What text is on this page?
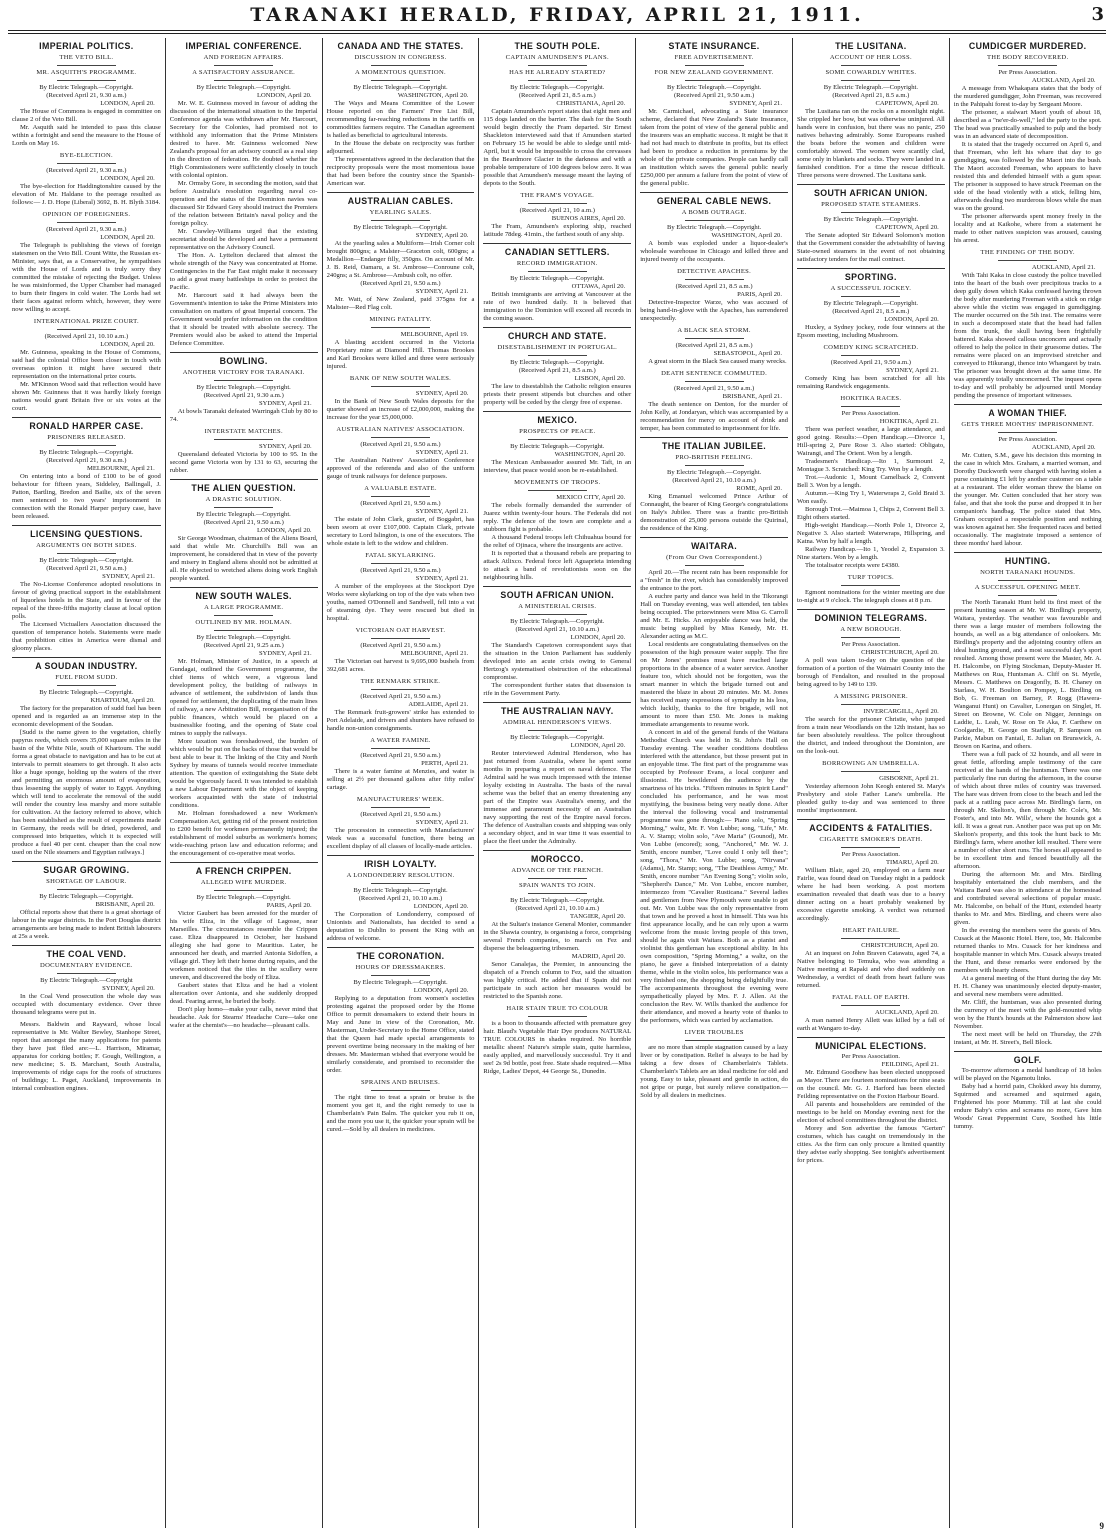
TARANAKI HERALD, FRIDAY, APRIL 21, 1911.	3
IMPERIAL POLITICS.
THE VETO BILL.
MR. ASQUITH'S PROGRAMME.
By Electric Telegraph.—Copyright.
(Received April 21, 9.30 a.m.)
LONDON, April 20.
The House of Commons is engaged in committee on clause 2 of the Veto Bill.
Mr. Asquith said he intended to pass this clause within a fortnight and send the measure to the House of Lords on May 16.
BYE-ELECTION.
(Received April 21, 9.30 a.m.)
LONDON, April 20.
The bye-election for Haddingtonshire caused by the elevation of Mr. Haldane to the peerage resulted as follows:— J. D. Hope (Liberal) 3692, B. H. Blyth 3184.
OPINION OF FOREIGNERS.
(Received April 21, 9.30 a.m.)
LONDON, April 20.
The Telegraph is publishing the views of foreign statesmen on the Veto Bill. Count Witte, the Russian ex-Minister, says that, as a Conservative, he sympathises with the House of Lords and is truly sorry they committed the mistake of rejecting the Budget. Unless he was misinformed, the Upper Chamber had managed to burn their fingers in cold water. The Lords had set their faces against reform which, however, they were now willing to accept.
INTERNATIONAL PRIZE COURT.
(Received April 21, 10.10 a.m.)
LONDON, April 20.
Mr. Guinness, speaking in the House of Commons, said had the colonial Office been closer in touch with overseas opinion it might have secured their representation on the international prize courts.
Mr. M'Kinnon Wood said that reflection would have shown Mr. Guinness that it was hardly likely foreign nations would grant Britain five or six votes at the court.
RONALD HARPER CASE.
PRISONERS RELEASED.
By Electric Telegraph.—Copyright.
(Received April 21, 9.30 a.m.)
MELBOURNE, April 21.
On entering into a bond of £100 to be of good behaviour for fifteen years, Siddeley, Ballingall, J. Patton, Bartling, Bredon and Bailie, six of the seven men sentenced to two years' imprisonment in connection with the Ronald Harper perjury case, have been released.
LICENSING QUESTIONS.
ARGUMENTS ON BOTH SIDES.
By Electric Telegraph.—Copyright.
(Received April 21, 9.50 a.m.)
SYDNEY, April 21.
The No-License Conference adopted resolutions in favour of giving practical support in the establishment of liquorless hotels in the State, and in favour of the repeal of the three-fifths majority clause at local option polls.
The Licensed Victuallers Association discussed the question of temperance hotels. Statements were made that prohibition cities in America were dismal and gloomy places.
A SOUDAN INDUSTRY.
FUEL FROM SUDD.
By Electric Telegraph.—Copyright.
KHARTOUM, April 20.
The factory for the preparation of sudd fuel has been opened and is regarded as an immense step in the economic development of the Soudan.
[Sudd is the name given to the vegetation, chiefly papyrus reeds, which covers 35,000 square miles in the basin of the White Nile, south of Khartoum. The sudd forms a great obstacle to navigation and has to be cut at intervals to permit steamers to get through. It also acts like a huge sponge, holding up the waters of the river and permitting an enormous amount of evaporation, thus lessening the supply of water to Egypt. Anything which will tend to accelerate the removal of the sudd will render the country less marshy and more suitable for cultivation. At the factory referred to above, which has been established as the result of experiments made in Germany, the reeds will be dried, powdered, and compressed into briquettes, which it is expected will produce a fuel 40 per cent. cheaper than the coal now used on the Nile steamers and Egyptian railways.]
SUGAR GROWING.
SHORTAGE OF LABOUR.
By Electric Telegraph.—Copyright.
BRISBANE, April 20.
Official reports show that there is a great shortage of labour in the sugar districts. In the Port Douglas district arrangements are being made to indent British labourers at 25s a week.
THE COAL VEND.
DOCUMENTARY EVIDENCE.
By Electric Telegraph.—Copyright
SYDNEY, April 20.
In the Coal Vend prosecution the whole day was occupied with documentary evidence. Over three thousand telegrams were put in.
Messrs. Baldwin and Rayward, whose local representative is Mr. Walter Bewley, Stanhope Street, report that amongst the many applications for patents they have just filed are:—L. Harrison, Miramar, apparatus for corking bottles; F. Gough, Wellington, a new medicine; S. B. Marchant, South Australia, improvements of ridge caps for the roofs of structures of buildings; L. Paget, Auckland, improvements in internal combustion engines.
IMPERIAL CONFERENCE.
AND FOREIGN AFFAIRS.
A SATISFACTORY ASSURANCE.
By Electric Telegraph.—Copyright.
LONDON, April 20.
Mr. W. E. Guinness moved in favour of adding the discussion of the international situation to the Imperial Conference agenda was withdrawn after Mr. Harcourt, Secretary for the Colonies, had promised not to withhold any information that the Prime Ministers desired to have. Mr. Guinness welcomed New Zealand's proposal for an advisory council as a real step in the direction of federation. He doubted whether the High Commissioners were sufficiently closely in touch with colonial opinion.
Mr. Ormsby Gore, in seconding the motion, said that before Australia's resolution regarding naval co-operation and the status of the Dominion navies was discussed Sir Edward Grey should instruct the Premiers of the relation between Britain's naval policy and the foreign policy.
Mr. Crawley-Williams urged that the existing secretariat should be developed and have a permanent representative on the Advisory Council.
The Hon. A. Lyttelton declared that almost the whole strength of the Navy was concentrated at Home. Contingencies in the Far East might make it necessary to add a great many battleships in order to protect the Pacific.
Mr. Harcourt said it had always been the Government's intention to take the Prime Ministers into consultation on matters of great Imperial concern. The Government would prefer information on the condition that it should be treated with absolute secrecy. The Premiers would also be asked to attend the Imperial Defence Committee.
BOWLING.
ANOTHER VICTORY FOR TARANAKI.
By Electric Telegraph.—Copyright.
(Received April 21, 9.30 a.m.)
SYDNEY, April 21.
At bowls Taranaki defeated Warringah Club by 80 to 74.
INTERSTATE MATCHES.
SYDNEY, April 20.
Queensland defeated Victoria by 100 to 95. In the second game Victoria won by 131 to 63, securing the rubber.
THE ALIEN QUESTION.
A DRASTIC SOLUTION.
By Electric Telegraph.—Copyright.
(Received April 21, 9.50 a.m.)
LONDON, April 20.
Sir George Woodman, chairman of the Aliens Board, said that while Mr. Churchill's Bill was an improvement, he considered that in view of the poverty and misery in England aliens should not be admitted at all. He objected to wretched aliens doing work English people wanted.
NEW SOUTH WALES.
A LARGE PROGRAMME.
OUTLINED BY MR. HOLMAN.
By Electric Telegraph.—Copyright.
(Received April 21, 9.25 a.m.)
SYDNEY, April 21.
Mr. Holman, Minister of Justice, in a speech at Gundagai, outlined the Government programme, the chief items of which were, a vigorous land development policy, the building of railways in advance of settlement, the subdivision of lands thus opened for settlement, the duplicating of the main lines of railway, a new Arbitration Bill, reorganisation of the public finances, which would be placed on a businesslike footing, and the opening of State coal mines to supply the railways.
More taxation was foreshadowed, the burden of which would be put on the backs of those that would be best able to bear it. The linking of the City and North Sydney by means of tunnels would receive immediate attention. The question of extinguishing the State debt would be vigorously faced. It was intended to establish a new Labour Department with the object of keeping workers acquainted with the state of industrial conditions.
Mr. Holman foreshadowed a new Workmen's Compensation Act, getting rid of the present restriction to £200 benefit for workmen permanently injured; the establishment of model suburbs as workmen's homes; wide-reaching prison law and education reforms; and the encouragement of co-operative meat works.
A FRENCH CRIPPEN.
ALLEGED WIFE MURDER.
By Electric Telegraph.—Copyright.
PARIS, April 20.
Victor Gaubert has been arrested for the murder of his wife Eliza, in the village of Lagosse, near Marseilles. The circumstances resemble the Crippen case. Eliza disappeared in October, her husband alleging she had gone to Mauritius. Later, he announced her death, and married Antonia Sidoffen, a village girl. They left their home during repairs, and the workmen noticed that the tiles in the scullery were uneven, and discovered the body of Eliza.
Gaubert states that Eliza and he had a violent altercation over Antonia, and she suddenly dropped dead. Fearing arrest, he buried the body.
Don't play homo—make your calls, never mind that headache. Ask for Stearns' Headache Cure—take one wafer at the chemist's—no headache—pleasant calls.
CANADA AND THE STATES.
DISCUSSION IN CONGRESS.
A MOMENTOUS QUESTION.
By Electric Telegraph.—Copyright.
WASHINGTON, April 20.
The Ways and Means Committee of the Lower House reported on the Farmers' Free List Bill, recommending far-reaching reductions in the tariffs on commodities farmers require. The Canadian agreement is hailed as beneficial to agricultural interests.
In the House the debate on reciprocity was further adjourned.
The representatives agreed in the declaration that the reciprocity proposals were the most momentous issue that had been before the country since the Spanish-American war.
AUSTRALIAN CABLES.
YEARLING SALES.
By Electric Telegraph.—Copyright.
SYDNEY, April 20.
At the yearling sales a Multiform—Irish Corner colt brought 800gns; a Malster—Graceton colt, 600gns; a Medallion—Endanger filly, 350gns. On account of Mr. J. B. Reid, Oamaru, a St. Ambrose—Conroune colt, 240gns; a St. Ambrose—Ambush colt, no offer.
(Received April 21, 9.50 a.m.)
SYDNEY, April 21.
Mr. Watt, of New Zealand, paid 375gns for a Maltster—Red Flag colt.
MINING FATALITY.
MELBOURNE, April 19.
A blasting accident occurred in the Victoria Proprietary mine at Diamond Hill. Thomas Brookes and Karl Brookes were killed and three were seriously injured.
BANK OF NEW SOUTH WALES.
SYDNEY, April 20.
In the Bank of New South Wales deposits for the quarter showed an increase of £2,000,000, making the increase for the year £5,000,000.
AUSTRALIAN NATIVES' ASSOCIATION.
(Received April 21, 9.50 a.m.)
SYDNEY, April 21.
The Australian Natives' Association Conference approved of the referenda and also of the uniform gauge of trunk railways for defence purposes.
A VALUABLE ESTATE.
(Received April 21, 9.50 a.m.)
SYDNEY, April 21.
The estate of John Clark, grazier, of Boggabri, has been sworn at over £107,000. Captain Clark, private secretary to Lord Islington, is one of the executors. The whole estate is left to the widow and children.
FATAL SKYLARKING.
(Received April 21, 9.50 a.m.)
SYDNEY, April 21.
A number of the employees at the Stockport Dye Works were skylarking on top of the dye vats when two youths, named O'Donnell and Sandwell, fell into a vat of steaming dye. They were rescued but died in hospital.
VICTORIAN OAT HARVEST.
(Received April 21, 9.50 a.m.)
MELBOURNE, April 21.
The Victorian oat harvest is 9,695,000 bushels from 392,681 acres.
THE RENMARK STRIKE.
(Received April 21, 9.50 a.m.)
ADELAIDE, April 21.
The Renmark fruit-growers' strike has extended to Port Adelaide, and drivers and shunters have refused to handle non-union consignments.
A WATER FAMINE.
(Received April 21, 9.50 a.m.)
PERTH, April 21.
There is a water famine at Menzies, and water is selling at 2½ per thousand gallons after fifty miles' cartage.
MANUFACTURERS' WEEK.
(Received April 21, 9.50 a.m.)
SYDNEY, April 21.
The procession in connection with Manufacturers' Week was a successful function, there being an excellent display of all classes of locally-made articles.
IRISH LOYALTY.
A LONDONDERRY RESOLUTION.
By Electric Telegraph.—Copyright.
(Received April 21, 10.10 a.m.)
LONDON, April 20.
The Corporation of Londonderry, composed of Unionists and Nationalists, has decided to send a deputation to Dublin to present the King with an address of welcome.
THE CORONATION.
HOURS OF DRESSMAKERS.
By Electric Telegraph.—Copyright.
LONDON, April 20.
Replying to a deputation from women's societies protesting against the proposed order by the Home Office to permit dressmakers to extend their hours in May and June in view of the Coronation, Mr. Masterman, Under-Secretary to the Home Office, stated that the Queen had made special arrangements to prevent overtime being necessary in the making of her dresses. Mr. Masterman wished that everyone would be similarly considerate, and promised to reconsider the order.
SPRAINS AND BRUISES.
The right time to treat a sprain or bruise is the moment you get it, and the right remedy to use is Chamberlain's Pain Balm. The quicker you rub it on, and the more you use it, the quicker your sprain will be cured.—Sold by all dealers in medicines.
THE SOUTH POLE.
CAPTAIN AMUNDSEN'S PLANS.
HAS HE ALREADY STARTED?
By Electric Telegraph.—Copyright.
(Received April 21, 8.5 a.m.)
CHRISTIANIA, April 20.
Captain Amundsen's report states that eight men and 115 dogs landed on the barrier. The dash for the South would begin directly the Fram departed. Sir Ernest Shackleton interviewed said that if Amundsen started on February 15 he would be able to sledge until mid-April, but it would be impossible to cross the crevasses in the Beardmore Glacier in the darkness and with a probable temperature of 100 degrees below zero. It was possible that Amundsen's message meant the laying of depots to the South.
THE FRAM'S VOYAGE.
(Received April 21, 10 a.m.)
BUENOS AIRES, April 20.
The Fram, Amundsen's exploring ship, reached latitude 78deg. 41min., the farthest south of any ship.
CANADIAN SETTLERS.
RECORD IMMIGRATION.
By Electric Telegraph.—Copyright.
OTTAWA, April 20.
British immigrants are arriving at Vancouver at the rate of two hundred daily. It is believed that immigration to the Dominion will exceed all records in the coming season.
CHURCH AND STATE.
DISESTABLISHMENT IN PORTUGAL.
By Electric Telegraph.—Copyright.
(Received April 21, 8.5 a.m.)
LISBON, April 20.
The law to disestablish the Catholic religion ensures priests their present stipends but churches and other property will be ceded by the clergy free of expense.
MEXICO.
PROSPECTS OF PEACE.
By Electric Telegraph.—Copyright.
WASHINGTON, April 20.
The Mexican Ambassador assured Mr. Taft, in an interview, that peace would soon be re-established.
MOVEMENTS OF TROOPS.
MEXICO CITY, April 20.
The rebels formally demanded the surrender of Juarez within twenty-four hours. The Federals did not reply. The defence of the town are complete and a stubborn fight is probable.
A thousand Federal troops left Chihuahua bound for the relief of Ojinaca, where the insurgents are active.
It is reported that a thousand rebels are preparing to attack Atlixco. Federal force left Aguaprieta intending to attack a band of revolutionists soon on the neighbouring hills.
SOUTH AFRICAN UNION.
A MINISTERIAL CRISIS.
By Electric Telegraph.—Copyright.
(Received April 21, 10.10 a.m.)
LONDON, April 20.
The Standard's Capetown correspondent says that the situation in the Union Parliament has suddenly developed into an acute crisis owing to General Hertzog's systematised obstruction of the educational compromise.
The correspondent further states that dissension is rife in the Government Party.
THE AUSTRALIAN NAVY.
ADMIRAL HENDERSON'S VIEWS.
By Electric Telegraph.—Copyright.
LONDON, April 20.
Reuter interviewed Admiral Henderson, who has just returned from Australia, where he spent some months in preparing a report on naval defence. The Admiral said he was much impressed with the intense loyalty existing in Australia. The basis of the naval scheme was the belief that an enemy threatening any part of the Empire was Australia's enemy, and the immense and paramount necessity of an Australian navy supporting the rest of the Empire naval forces. The defence of Australian coasts and shipping was only a secondary object, and in war time it was essential to place the fleet under the Admiralty.
MOROCCO.
ADVANCE OF THE FRENCH.
SPAIN WANTS TO JOIN.
By Electric Telegraph.—Copyright.
(Received April 21, 10.10 a.m.)
TANGIER, April 20.
At the Sultan's instance General Monier, commander in the Shawia country, is organising a force, comprising several French companies, to march on Fez and disperse the beleaguering tribesmen.
MADRID, April 20.
Senor Canalejas, the Premier, in announcing the dispatch of a French column to Fez, said the situation was highly critical. He added that if Spain did not participate in such action her measures would be restricted to the Spanish zone.
HAIR STAIN TRUE TO COLOUR
is a boon to thousands affected with premature grey hair. Blaud's Vegetable Hair Dye produces NATURAL TRUE COLOURS in shades required. No horrible metallic sheen! Nature's simple stain, quite harmless, easily applied, and marvellously successful. Try it and see! 2s 9d bottle, post free. State shade required.—Miss Ridge, Ladies' Depot, 44 George St., Dunedin.
STATE INSURANCE.
FREE ADVERTISEMENT.
FOR NEW ZEALAND GOVERNMENT.
By Electric Telegraph.—Copyright.
(Received April 21, 9.50 a.m.)
SYDNEY, April 21.
Mr. Carmichael, advocating a State insurance scheme, declared that New Zealand's State Insurance, taken from the point of view of the general public and the insurers was an emphatic success. It might be that it had not had much to distribute in profits, but its effect had been to produce a reduction in premiums by the whole of the private companies. People can hardly call an institution which saves the general public nearly £250,000 per annum a failure from the point of view of the general public.
GENERAL CABLE NEWS.
A BOMB OUTRAGE.
By Electric Telegraph.—Copyright.
WASHINGTON, April 20.
A bomb was exploded under a liquor-dealer's wholesale warehouse in Chicago and killed three and injured twenty of the occupants.
DETECTIVE APACHES.
(Received April 21, 8.5 a.m.)
PARIS, April 20.
Detective-Inspector Warze, who was accused of being hand-in-glove with the Apaches, has surrendered unexpectedly.
A BLACK SEA STORM.
(Received April 21, 8.5 a.m.)
SEBASTOPOL, April 20.
A great storm in the Black Sea caused many wrecks.
DEATH SENTENCE COMMUTED.
(Received April 21, 9.50 a.m.)
BRISBANE, April 21.
The death sentence on Denton, for the murder of John Kelly, at Jondaryan, which was accompanied by a recommendation for mercy on account of drink and temper, has been commuted to imprisonment for life.
THE ITALIAN JUBILEE.
PRO-BRITISH FEELING.
By Electric Telegraph.—Copyright.
(Received April 21, 10.10 a.m.)
ROME, April 20.
King Emanuel welcomed Prince Arthur of Connaught, the bearer of King George's congratulations on Italy's Jubilee. There was a frantic pro-British demonstration of 25,000 persons outside the Quirinal, the residence of the King.
WAITARA.
(From Our Own Correspondent.)
April 20.—The recent rain has been responsible for a "fresh" in the river, which has considerably improved the entrance to the port.
A euchre party and dance was held in the Tikorangi Hall on Tuesday evening, was well attended, ten tables being occupied. The prizewinners were Miss G. Carroll and Mr. E. Hicks. An enjoyable dance was held, the music being supplied by Miss Kenedy, Mr. H. Alexander acting as M.C.
Local residents are congratulating themselves on the possession of the high pressure water supply. The fire on Mr Jones' premises must have reached large proportions in the absence of a water service. Another feature too, which should not be forgotten, was the smart manner in which the brigade turned out and mastered the blaze in about 20 minutes. Mr. M. Jones has received many expressions of sympathy in his loss, which luckily, thanks to the fire brigade, will not amount to more than £50. Mr. Jones is making immediate arrangements to resume work.
A concert in aid of the general funds of the Waitara Methodist Church was held in St. John's Hall on Tuesday evening. The weather conditions doubtless interfered with the attendance, but those present put in an enjoyable time. The first part of the programme was occupied by Professor Evans, a local conjurer and illusionist. He bewildered the audience by the smartness of his tricks. "Fifteen minutes in Spirit Land" concluded his performance, and he was most mystifying, the business being very neatly done. After the interval the following vocal and instrumental programme was gone through:— Piano solo, "Spring Morning," waltz, Mr. F. Von Lubbe; song, "Life," Mr. A. V. Stamp; violin solo, "Ave Maria" (Gounod), Mr. Von Lubbe (encored); song, "Anchored," Mr. W. J. Smith, encore number, "Love could I only tell thee"; song, "Thora," Mr. Von Lubbe; song, "Nirvana" (Adams), Mr. Stamp; song, "The Deathless Army," Mr. Smith, encore number "An Evening Song"; violin solo, "Shepherd's Dance," Mr. Von Lubbe, encore number, intermezzo from "Cavalier Rusticana." Several ladies and gentlemen from New Plymouth were unable to get out. Mr. Von Lubbe was the only representative from that town and he proved a host in himself. This was his first appearance locally, and he can rely upon a warm welcome from the music loving people of this town, should he again visit Waitara. Both as a pianist and violinist this gentleman has exceptional ability. In his own composition, "Spring Morning," a waltz, on the piano, he gave a finished interpretation of a dainty theme, while in the violin solos, his performance was a very finished one, the shopping being delightfully true. The accompaniments throughout the evening were sympathetically played by Mrs. F. J. Allen. At the conclusion the Rev. W. Wills thanked the audience for their attendance, and moved a hearty vote of thanks to the performers, which was carried by acclamation.
LIVER TROUBLES
are no more than simple stagnation caused by a lazy liver or by constipation. Relief is always to be had by taking a few doses of Chamberlain's Tablets. Chamberlain's Tablets are an ideal medicine for old and young. Easy to take, pleasant and gentle in action, do not gripe or purge, but surely relieve constipation.—Sold by all dealers in medicines.
THE LUSITANA.
ACCOUNT OF HER LOSS.
SOME COWARDLY WHITES.
By Electric Telegraph.—Copyright.
(Received April 21, 8.5 a.m.)
CAPETOWN, April 20.
The Lusitana ran on the rocks on a moonlight night. She crippled her bow, but was otherwise uninjured. All hands were in confusion, but there was no panic, 250 natives behaving admirably. Some Europeans rushed the boats before the women and children were comfortably stowed. The women were scantily clad, some only in blankets and socks. They were landed in a famished condition. For a time the rescue difficult. Three persons were drowned. The Lusitana sank.
SOUTH AFRICAN UNION.
PROPOSED STATE STEAMERS.
By Electric Telegraph.—Copyright.
CAPETOWN, April 20.
The Senate adopted Sir Edward Solomon's motion that the Government consider the advisability of having State-owned steamers in the event of not obtaining satisfactory tenders for the mail contract.
SPORTING.
A SUCCESSFUL JOCKEY.
By Electric Telegraph.—Copyright.
(Received April 21, 8.5 a.m.)
LONDON, April 20.
Huxley, a Sydney jockey, rode four winners at the Epsom meeting, including Mushroom.
COMEDY KING SCRATCHED.
(Received April 21, 9.50 a.m.)
SYDNEY, April 21.
Comedy King has been scratched for all his remaining Randwick engagements.
HOKITIKA RACES.
Per Press Association.
HOKITIKA, April 21.
There was perfect weather, a large attendance, and good going. Results:—Open Handicap.—Divorce 1, Hill-spring 2, Pure Rose 3. Also started: Obligato, Wairangi, and The Orient. Won by a length.
Tradesmen's Handicap.—Ito 1, Surmount 2, Montague 3. Scratched: King Try. Won by a length.
Trot.—Audonic 1, Mount Camelback 2, Convent Bell 3. Won by a length.
Autumn.—King Try 1, Waterwraps 2, Gold Braid 3. Won easily.
Borough Trot.—Maimoa 1, Chips 2, Convent Bell 3. Eight others started.
High-weight Handicap.—North Pole 1, Divorce 2, Negative 3. Also started: Waterwraps, Hillspring, and Katna. Won by half a length.
Railway Handicap.—Ito 1, Yeodel 2, Expansion 3. Nine starters. Won by a length.
The totalisator receipts were £4380.
TURF TOPICS.
Egmont nominations for the winter meeting are due to-night at 9 o'clock. The telegraph closes at 8 p.m.
DOMINION TELEGRAMS.
A NEW BOROUGH.
Per Press Association.
CHRISTCHURCH, April 20.
A poll was taken to-day on the question of the formation of a portion of the Waimairi County into the borough of Fendalton, and resulted in the proposal being agreed to by 149 to 139.
A MISSING PRISONER.
INVERCARGILL, April 20.
The search for the prisoner Christie, who jumped from a train near Woodlands on the 12th instant, has so far been absolutely resultless. The police throughout the district, and indeed throughout the Dominion, are on the look-out.
BORROWING AN UMBRELLA.
GISBORNE, April 21.
Yesterday afternoon John Keogh entered St. Mary's Presbytery and stole Father Lane's umbrella. He pleaded guilty to-day and was sentenced to three months' imprisonment.
ACCIDENTS & FATALITIES.
CIGARETTE SMOKER'S DEATH.
Per Press Association.
TIMARU, April 20.
William Blair, aged 20, employed on a farm near Fairlie, was found dead on Tuesday night in a paddock where he had been working. A post mortem examination revealed that death was due to a heavy dinner acting on a heart probably weakened by excessive cigarette smoking. A verdict was returned accordingly.
HEART FAILURE.
CHRISTCHURCH, April 20.
At an inquest on John Braven Catawatu, aged 74, a Native belonging to Temuka, who was attending a Native meeting at Rapaki and who died suddenly on Wednesday, a verdict of death from heart failure was returned.
FATAL FALL OF EARTH.
AUCKLAND, April 20.
A man named Henry Allett was killed by a fall of earth at Wangaro to-day.
MUNICIPAL ELECTIONS.
Per Press Association.
FEILDING, April 21.
Mr. Edmund Goodhew has been elected unopposed as Mayor. There are fourteen nominations for nine seats on the council. Mr. G. J. Harford has been elected Feilding representative on the Foxton Harbour Board.
All parents and householders are reminded of the meetings to be held on Monday evening next for the election of school committees throughout the district.
Morey and Son advertise the famous "Gerten" costumes, which has caught on tremendously in the cities. As the firm can only procure a limited quantity they advise early shopping. See tonight's advertisement for prices.
CUMDICGER MURDERED.
THE BODY RECOVERED.
Per Press Association.
AUCKLAND, April 20.
A message from Whakapara states that the body of the murdered gumdigger, John Freeman, was recovered in the Pahipahi forest to-day by Sergeant Moore.
The prisoner, a stalwart Maori youth of about 18, described as a "ne'er-do-well," led the party to the spot. The head was practically smashed to pulp and the body was in an advanced state of decomposition.
It is stated that the tragedy occurred on April 6, and that Freeman, who left his whare that day to go gumdigging, was followed by the Maori into the bush. The Maori accosted Freeman, who appears to have resisted this and defended himself with a gum spear. The prisoner is supposed to have struck Freeman on the side of the head violently with a stick, felling him, afterwards dealing two murderous blows while the man was on the ground.
The prisoner afterwards spent money freely in the locality and at Kaikohe, where from a statement he made to other natives suspicion was aroused, causing his arrest.
THE FINDING OF THE BODY.
AUCKLAND, April 21.
With Tahi Kaka in close custody the police travelled into the heart of the bush over precipitous tracks to a deep gully down which Kaka confessed having thrown the body after murdering Freeman with a stick on ridge above while the victim was engaged in gumdigging. The murder occurred on the 5th inst. The remains were in such a decomposed state that the head had fallen from the trunk, the skull having been frightfully battered. Kaka showed callous unconcern and actually offered to help the police in their gruesome duties. The remains were placed on an improvised stretcher and conveyed to Hikurangi, thence into Whangarei by train. The prisoner was brought down at the same time. He was apparently totally unconcerned. The inquest opens to-day and will probably be adjourned until Monday pending the presence of important witnesses.
A WOMAN THIEF.
GETS THREE MONTHS' IMPRISONMENT.
Per Press Association.
AUCKLAND, April 20.
Mr. Cutten, S.M., gave his decision this morning in the case in which Mrs. Graham, a married woman, and Dorothy Duckworth were charged with having stolen a purse containing £1 left by another customer on a table at a restaurant. The elder woman threw the blame on the younger. Mr. Cutten concluded that her story was false, and that she took the purse and dropped it in her companion's handbag. The police stated that Mrs. Graham occupied a respectable position and nothing was known against her. She frequented races and betted occasionally. The magistrate imposed a sentence of three months' hard labour.
HUNTING.
NORTH TARANAKI HOUNDS.
A SUCCESSFUL OPENING MEET.
The North Taranaki Hunt held its first meet of the present hunting season at Mr. W. Birdling's property, Waitara, yesterday. The weather was favourable and there was a large muster of members following the hounds, as well as a big attendance of onlookers. Mr. Birdling's property and the adjoining country offers an ideal hunting ground, and a most successful day's sport resulted. Among those present were the Master, Mr. A. H. Halcombe, on Flying Stockman, Deputy-Master H. Matthews on Rua, Huntsman A. Cliff on St. Myrtle, Messrs. C. Matthews on Dragonfly, B. H. Chaney on Starlass, W. H. Boulton on Pompey, L. Birdling on Bob, G. Freeman on Barney, P. Rogg (Hawera-Wanganui Hunt) on Cavalier, Lonergan on Singlet, H. Street on Browne, W. Cole on Nigger, Jennings on Laddie, L. Leah, W. Rose on Te Aka, F. Carthew on Coolgardie, H. George on Starlight, P. Sampson on Parkie, Mabun on Fantail, E. Julian on Brunswick, A. Brown on Karina, and others.
There was a full pack of 32 hounds, and all were in great fettle, affording ample testimony of the care received at the hands of the huntsman. There was one particularly fine run during the afternoon, in the course of which about three miles of country was traversed. The hare was driven from close to the beach and led the pack at a rattling pace across Mr. Birdling's farm, on through Mr. Skelton's, then through Mr. Cole's, Mr. Foster's, and into Mr. Wills', where the hounds got a kill. It was a great run. Another pace was put up on Mr. Skelton's property, and this took the hunt back to Mr. Birdling's farm, where another kill resulted. There were a number of other short runs. The horses all appeared to be in excellent trim and fenced beautifully all the afternoon.
During the afternoon Mr. and Mrs. Birdling hospitably entertained the club members, and the Waitara Band was also in attendance at the homestead and contributed several selections of popular music. Mr. Halcombe, on behalf of the Hunt, extended hearty thanks to Mr. and Mrs. Birdling, and cheers were also given.
In the evening the members were the guests of Mrs. Cusack at the Masonic Hotel. Here, too, Mr. Halcombe returned thanks to Mrs. Cusack for her kindness and hospitable manner in which Mrs. Cusack always treated the Hunt, and these remarks were endorsed by the members with hearty cheers.
At a general meeting of the Hunt during the day Mr. H. H. Chaney was unanimously elected deputy-master, and several new members were admitted.
Mr. Cliff, the huntsman, was also presented during the currency of the meet with the gold-mounted whip won by the Hunt's hounds at the Palmerston show last November.
The next meet will be held on Thursday, the 27th instant, at Mr. H. Street's, Bell Block.
GOLF.
To-morrow afternoon a medal handicap of 18 holes will be played on the Ngamotu links.
Baby had a horrid pain, Chokked away his dummy, Squirmed and screamed and squirmed again, Frightened his poor Mummy. Till at last she could endure Baby's cries and screams no more, Gave him Woods' Great Peppermint Cure, Soothed his little tummy.
9
